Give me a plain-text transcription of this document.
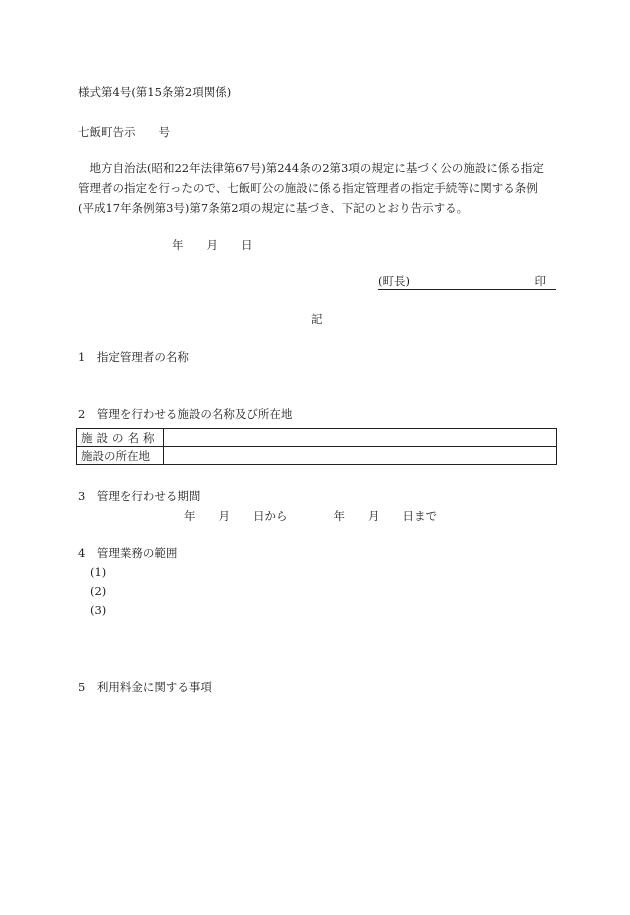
様式第4号(第15条第2項関係)
七飯町告示　　号
　地方自治法(昭和22年法律第67号)第244条の2第3項の規定に基づく公の施設に係る指定
管理者の指定を行ったので、七飯町公の施設に係る指定管理者の指定手続等に関する条例
(平成17年条例第3号)第7条第2項の規定に基づき、下記のとおり告示する。
年　　月　　日
(町長)	印
記
1　指定管理者の名称
2　管理を行わせる施設の名称及び所在地
施設の名称	
施設の所在地	
3　管理を行わせる期間
年　　月　　日から　　　　年　　月　　日まで
4　管理業務の範囲
(1)
(2)
(3)
5　利用料金に関する事項
